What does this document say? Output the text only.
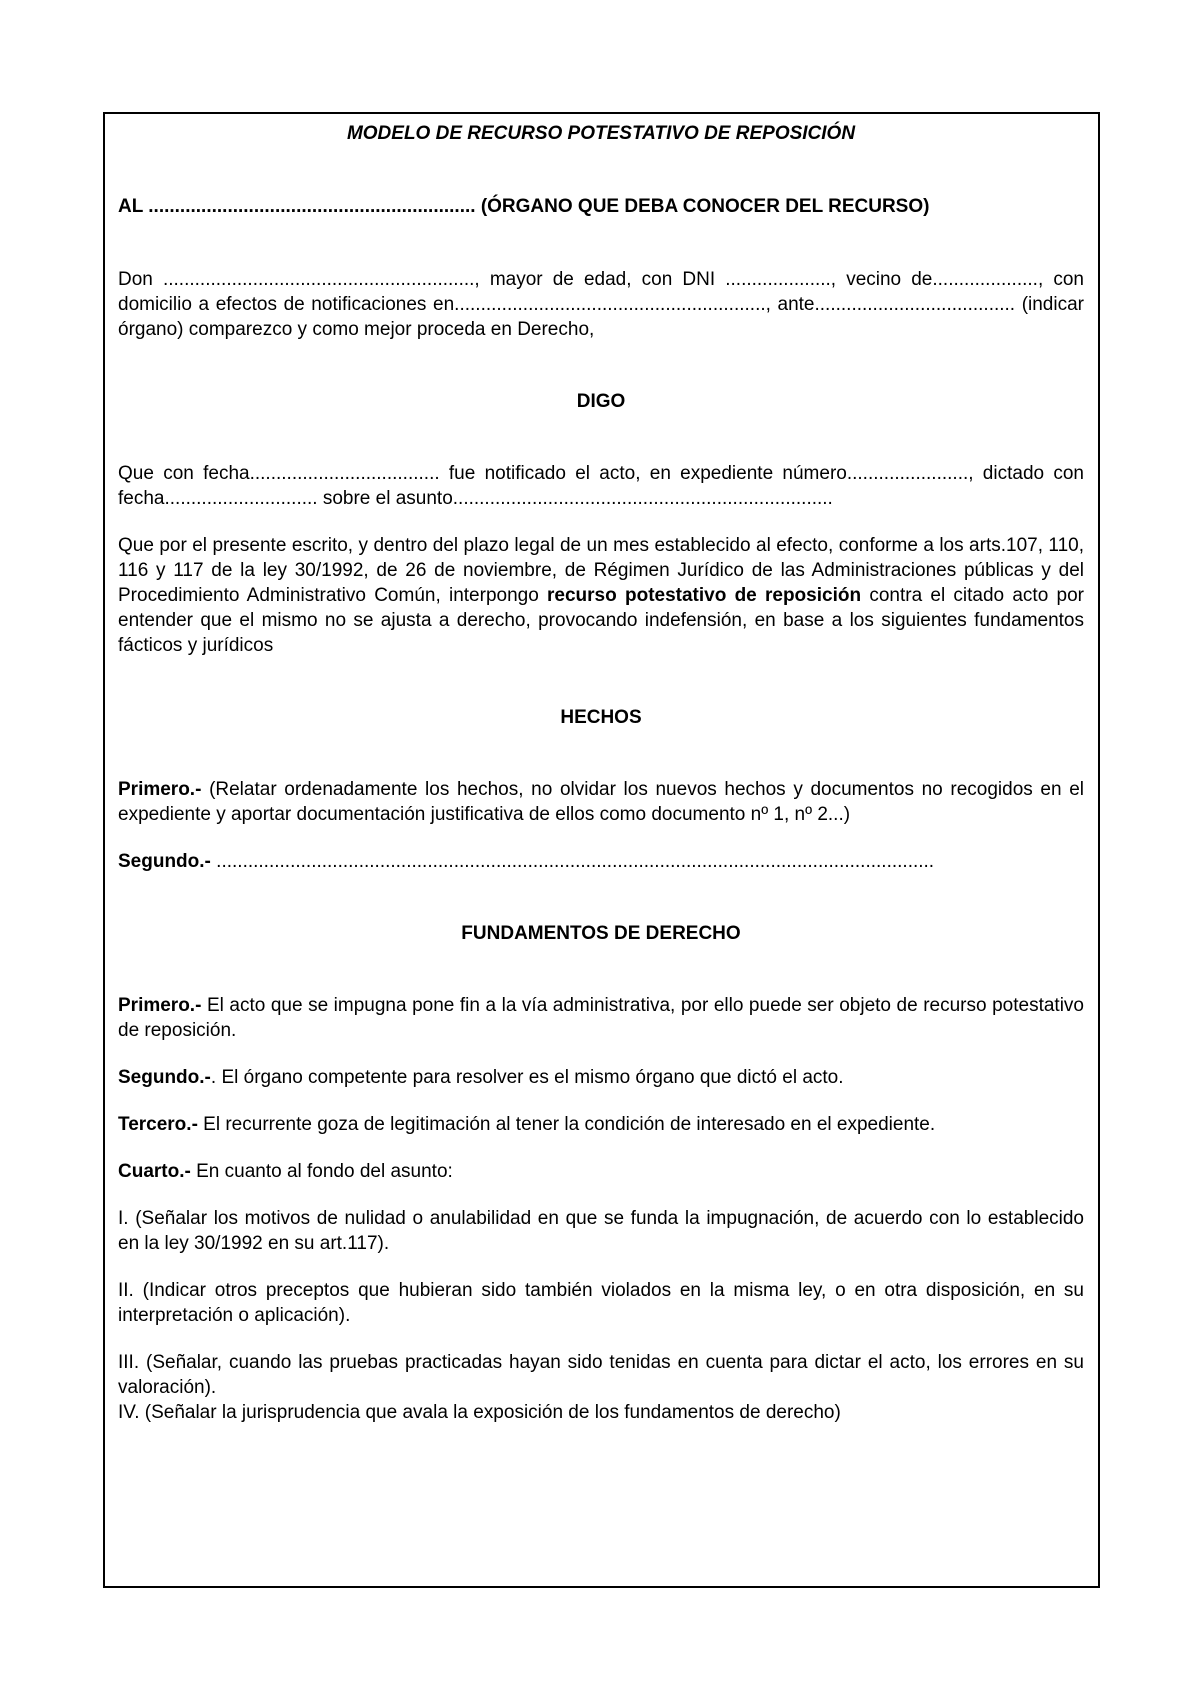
MODELO DE RECURSO POTESTATIVO DE REPOSICIÓN
AL .............................................................. (ÓRGANO QUE DEBA CONOCER DEL RECURSO)

Don ..........................................................., mayor de edad, con DNI ...................., vecino de...................., con domicilio a efectos de notificaciones en..........................................................., ante...................................... (indicar órgano) comparezco y como mejor proceda en Derecho,

DIGO

Que con fecha.................................... fue notificado el acto, en expediente número......................., dictado con fecha............................. sobre el asunto........................................................................

Que por el presente escrito, y dentro del plazo legal de un mes establecido al efecto, conforme a los arts.107, 110, 116 y 117 de la ley 30/1992, de 26 de noviembre, de Régimen Jurídico de las Administraciones públicas y del Procedimiento Administrativo Común, interpongo recurso potestativo de reposición contra el citado acto por entender que el mismo no se ajusta a derecho, provocando indefensión, en base a los siguientes fundamentos fácticos y jurídicos

HECHOS

Primero.- (Relatar ordenadamente los hechos, no olvidar los nuevos hechos y documentos no recogidos en el expediente y aportar documentación justificativa de ellos como documento nº 1, nº 2...)

Segundo.- ........................................................................................................................................

FUNDAMENTOS DE DERECHO

Primero.- El acto que se impugna pone fin a la vía administrativa, por ello puede ser objeto de recurso potestativo de reposición.

Segundo.-. El órgano competente para resolver es el mismo órgano que dictó el acto.

Tercero.- El recurrente goza de legitimación al tener la condición de interesado en el expediente.

Cuarto.- En cuanto al fondo del asunto:

I. (Señalar los motivos de nulidad o anulabilidad en que se funda la impugnación, de acuerdo con lo establecido en la ley 30/1992 en su art.117).

II. (Indicar otros preceptos que hubieran sido también violados en la misma ley, o en otra disposición, en su interpretación o aplicación).

III. (Señalar, cuando las pruebas practicadas hayan sido tenidas en cuenta para dictar el acto, los errores en su valoración).

IV. (Señalar la jurisprudencia que avala la exposición de los fundamentos de derecho)
